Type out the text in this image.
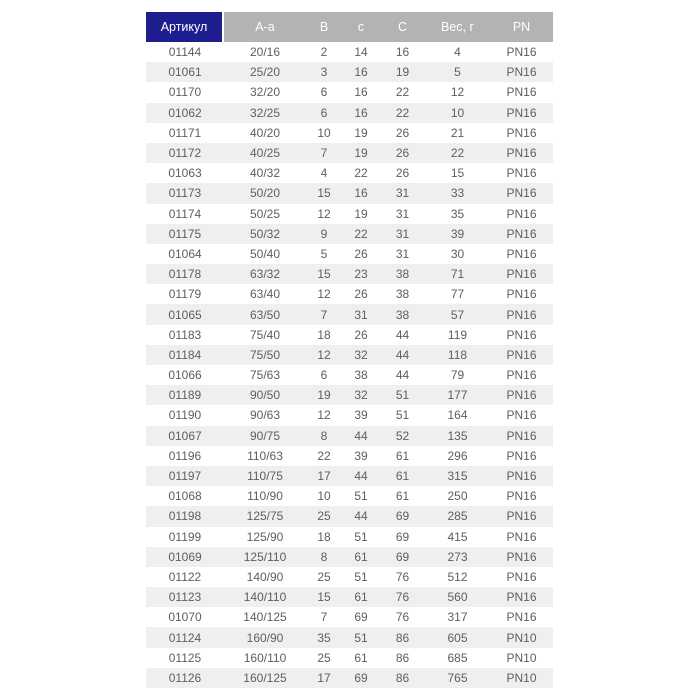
Артикул	А-а	В	с	С	Вес, г	PN
01144	20/16	2	14	16	4	PN16
01061	25/20	3	16	19	5	PN16
01170	32/20	6	16	22	12	PN16
01062	32/25	6	16	22	10	PN16
01171	40/20	10	19	26	21	PN16
01172	40/25	7	19	26	22	PN16
01063	40/32	4	22	26	15	PN16
01173	50/20	15	16	31	33	PN16
01174	50/25	12	19	31	35	PN16
01175	50/32	9	22	31	39	PN16
01064	50/40	5	26	31	30	PN16
01178	63/32	15	23	38	71	PN16
01179	63/40	12	26	38	77	PN16
01065	63/50	7	31	38	57	PN16
01183	75/40	18	26	44	119	PN16
01184	75/50	12	32	44	118	PN16
01066	75/63	6	38	44	79	PN16
01189	90/50	19	32	51	177	PN16
01190	90/63	12	39	51	164	PN16
01067	90/75	8	44	52	135	PN16
01196	110/63	22	39	61	296	PN16
01197	110/75	17	44	61	315	PN16
01068	110/90	10	51	61	250	PN16
01198	125/75	25	44	69	285	PN16
01199	125/90	18	51	69	415	PN16
01069	125/110	8	61	69	273	PN16
01122	140/90	25	51	76	512	PN16
01123	140/110	15	61	76	560	PN16
01070	140/125	7	69	76	317	PN16
01124	160/90	35	51	86	605	PN10
01125	160/110	25	61	86	685	PN10
01126	160/125	17	69	86	765	PN10
